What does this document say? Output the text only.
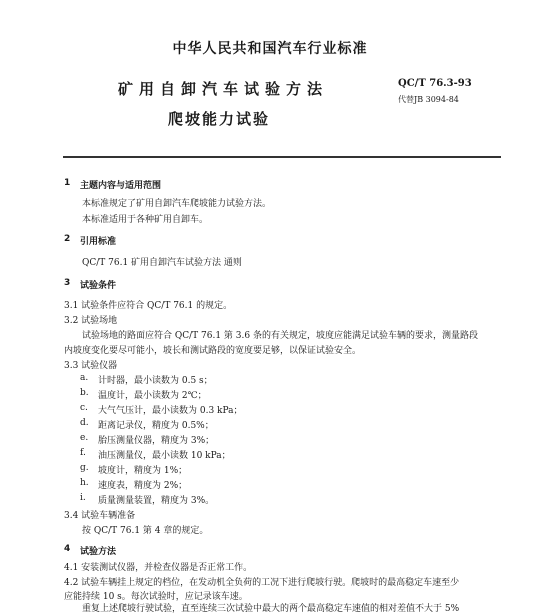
中华人民共和国汽车行业标准
矿用自卸汽车试验方法
爬坡能力试验
QC/T 76.3-93
代替JB 3094-84
1 主题内容与适用范围
本标准规定了矿用自卸汽车爬坡能力试验方法。
本标准适用于各种矿用自卸车。
2 引用标准
QC/T 76.1 矿用自卸汽车试验方法 通则
3 试验条件
3.1 试验条件应符合 QC/T 76.1 的规定。
3.2 试验场地
试验场地的路面应符合 QC/T 76.1 第 3.6 条的有关规定，坡度应能满足试验车辆的要求，测量路段
内坡度变化要尽可能小，坡长和测试路段的宽度要足够，以保证试验安全。
3.3 试验仪器
a. 计时器，最小读数为 0.5 s；
b. 温度计，最小读数为 2℃；
c. 大气气压计，最小读数为 0.3 kPa；
d. 距离记录仪，精度为 0.5%；
e. 胎压测量仪器，精度为 3%；
f. 油压测量仪，最小读数 10 kPa；
g. 坡度计，精度为 1%；
h. 速度表，精度为 2%；
i. 质量测量装置，精度为 3%。
3.4 试验车辆准备
按 QC/T 76.1 第 4 章的规定。
4 试验方法
4.1 安装测试仪器，并检查仪器是否正常工作。
4.2 试验车辆挂上规定的档位，在发动机全负荷的工况下进行爬坡行驶。爬坡时的最高稳定车速至少
应能持续 10 s。每次试验时，应记录该车速。
重复上述爬坡行驶试验，直至连续三次试验中最大的两个最高稳定车速值的相对差值不大于 5%
